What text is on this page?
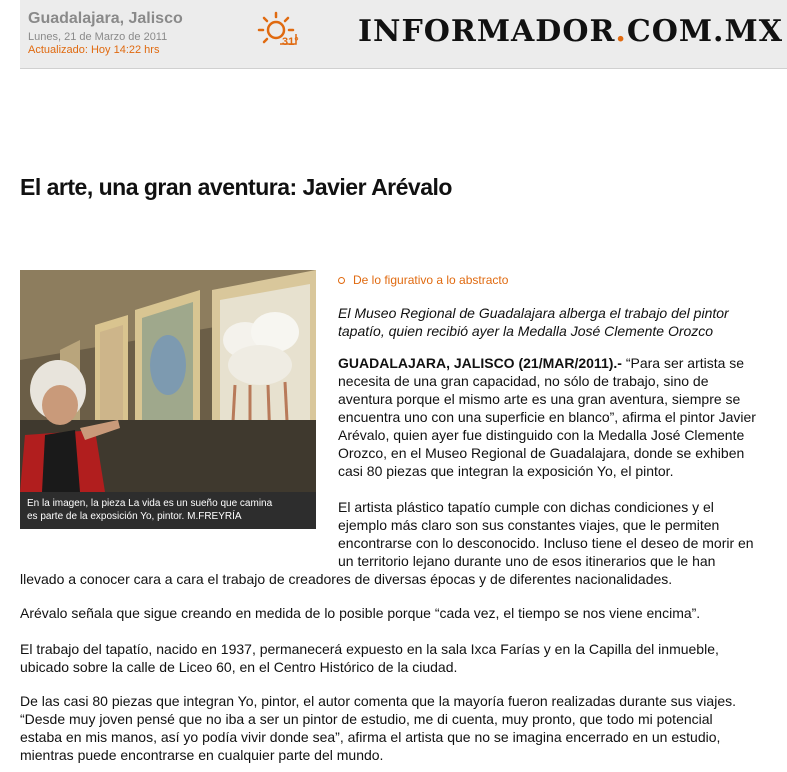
Guadalajara, Jalisco
Lunes, 21 de Marzo de 2011
Actualizado: Hoy 14:22 hrs
31° INFORMADOR.COM.MX
El arte, una gran aventura: Javier Arévalo
En la imagen, la pieza La vida es un sueño que camina
es parte de la exposición Yo, pintor. M.FREYRÍA
De lo figurativo a lo abstracto
El Museo Regional de Guadalajara alberga el trabajo del pintor
tapatío, quien recibió ayer la Medalla José Clemente Orozco
GUADALAJARA, JALISCO (21/MAR/2011).- “Para ser artista se
necesita de una gran capacidad, no sólo de trabajo, sino de
aventura porque el mismo arte es una gran aventura, siempre se
encuentra uno con una superficie en blanco”, afirma el pintor Javier
Arévalo, quien ayer fue distinguido con la Medalla José Clemente
Orozco, en el Museo Regional de Guadalajara, donde se exhiben
casi 80 piezas que integran la exposición Yo, el pintor.
El artista plástico tapatío cumple con dichas condiciones y el
ejemplo más claro son sus constantes viajes, que le permiten
encontrarse con lo desconocido. Incluso tiene el deseo de morir en
un territorio lejano durante uno de esos itinerarios que le han
llevado a conocer cara a cara el trabajo de creadores de diversas épocas y de diferentes nacionalidades.
Arévalo señala que sigue creando en medida de lo posible porque “cada vez, el tiempo se nos viene encima”.
El trabajo del tapatío, nacido en 1937, permanecerá expuesto en la sala Ixca Farías y en la Capilla del inmueble,
ubicado sobre la calle de Liceo 60, en el Centro Histórico de la ciudad.
De las casi 80 piezas que integran Yo, pintor, el autor comenta que la mayoría fueron realizadas durante sus viajes.
“Desde muy joven pensé que no iba a ser un pintor de estudio, me di cuenta, muy pronto, que todo mi potencial
estaba en mis manos, así yo podía vivir donde sea”, afirma el artista que no se imagina encerrado en un estudio,
mientras puede encontrarse en cualquier parte del mundo.
